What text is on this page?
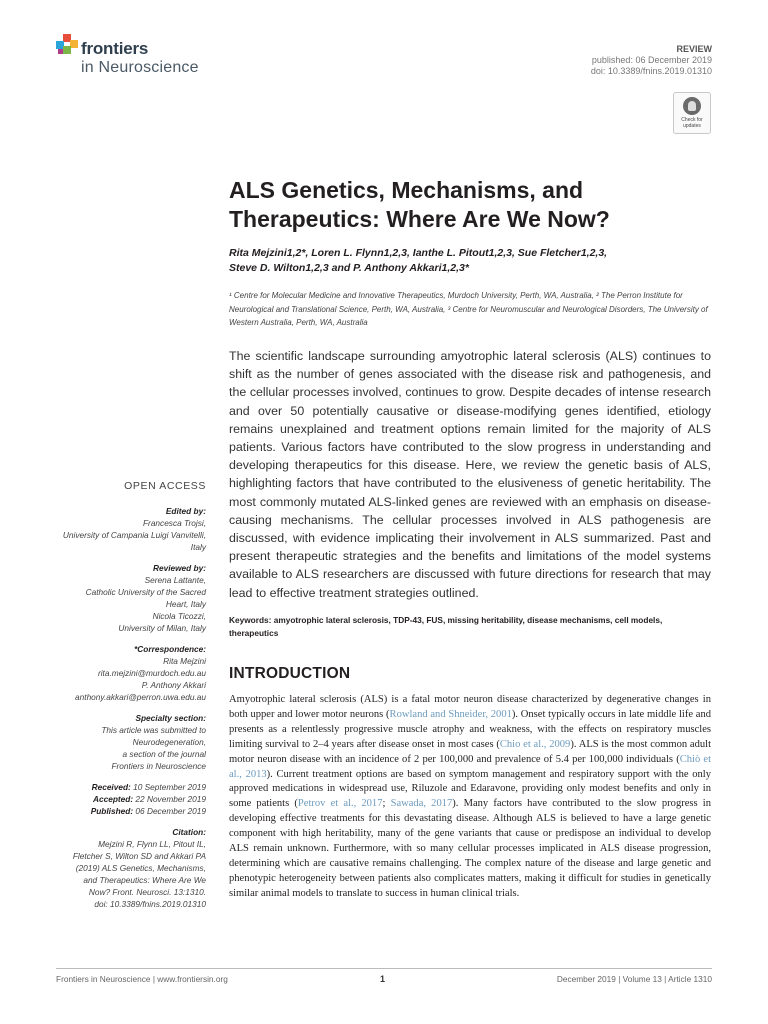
frontiers
in Neuroscience
REVIEW
published: 06 December 2019
doi: 10.3389/fnins.2019.01310
Check for updates
ALS Genetics, Mechanisms, and Therapeutics: Where Are We Now?
Rita Mejzini1,2*, Loren L. Flynn1,2,3, Ianthe L. Pitout1,2,3, Sue Fletcher1,2,3,
Steve D. Wilton1,2,3 and P. Anthony Akkari1,2,3*
¹ Centre for Molecular Medicine and Innovative Therapeutics, Murdoch University, Perth, WA, Australia, ² The Perron Institute for Neurological and Translational Science, Perth, WA, Australia, ³ Centre for Neuromuscular and Neurological Disorders, The University of Western Australia, Perth, WA, Australia
The scientific landscape surrounding amyotrophic lateral sclerosis (ALS) continues to shift as the number of genes associated with the disease risk and pathogenesis, and the cellular processes involved, continues to grow. Despite decades of intense research and over 50 potentially causative or disease-modifying genes identified, etiology remains unexplained and treatment options remain limited for the majority of ALS patients. Various factors have contributed to the slow progress in understanding and developing therapeutics for this disease. Here, we review the genetic basis of ALS, highlighting factors that have contributed to the elusiveness of genetic heritability. The most commonly mutated ALS-linked genes are reviewed with an emphasis on disease-causing mechanisms. The cellular processes involved in ALS pathogenesis are discussed, with evidence implicating their involvement in ALS summarized. Past and present therapeutic strategies and the benefits and limitations of the model systems available to ALS researchers are discussed with future directions for research that may lead to effective treatment strategies outlined.
Keywords: amyotrophic lateral sclerosis, TDP-43, FUS, missing heritability, disease mechanisms, cell models, therapeutics
INTRODUCTION
Amyotrophic lateral sclerosis (ALS) is a fatal motor neuron disease characterized by degenerative changes in both upper and lower motor neurons (Rowland and Shneider, 2001). Onset typically occurs in late middle life and presents as a relentlessly progressive muscle atrophy and weakness, with the effects on respiratory muscles limiting survival to 2–4 years after disease onset in most cases (Chio et al., 2009). ALS is the most common adult motor neuron disease with an incidence of 2 per 100,000 and prevalence of 5.4 per 100,000 individuals (Chiò et al., 2013). Current treatment options are based on symptom management and respiratory support with the only approved medications in widespread use, Riluzole and Edaravone, providing only modest benefits and only in some patients (Petrov et al., 2017; Sawada, 2017). Many factors have contributed to the slow progress in developing effective treatments for this devastating disease. Although ALS is believed to have a large genetic component with high heritability, many of the gene variants that cause or predispose an individual to develop ALS remain unknown. Furthermore, with so many cellular processes implicated in ALS disease progression, determining which are causative remains challenging. The complex nature of the disease and large genetic and phenotypic heterogeneity between patients also complicates matters, making it difficult for studies in genetically similar animal models to translate to success in human clinical trials.
OPEN ACCESS
Edited by:
Francesca Trojsi,
University of Campania Luigi Vanvitelli,
Italy
Reviewed by:
Serena Lattante,
Catholic University of the Sacred
Heart, Italy
Nicola Ticozzi,
University of Milan, Italy
*Correspondence:
Rita Mejzini
rita.mejzini@murdoch.edu.au
P. Anthony Akkari
anthony.akkari@perron.uwa.edu.au
Specialty section:
This article was submitted to
Neurodegeneration,
a section of the journal
Frontiers in Neuroscience
Received: 10 September 2019
Accepted: 22 November 2019
Published: 06 December 2019
Citation:
Mejzini R, Flynn LL, Pitout IL,
Fletcher S, Wilton SD and Akkari PA
(2019) ALS Genetics, Mechanisms,
and Therapeutics: Where Are We
Now? Front. Neurosci. 13:1310.
doi: 10.3389/fnins.2019.01310
Frontiers in Neuroscience | www.frontiersin.org	1	December 2019 | Volume 13 | Article 1310
